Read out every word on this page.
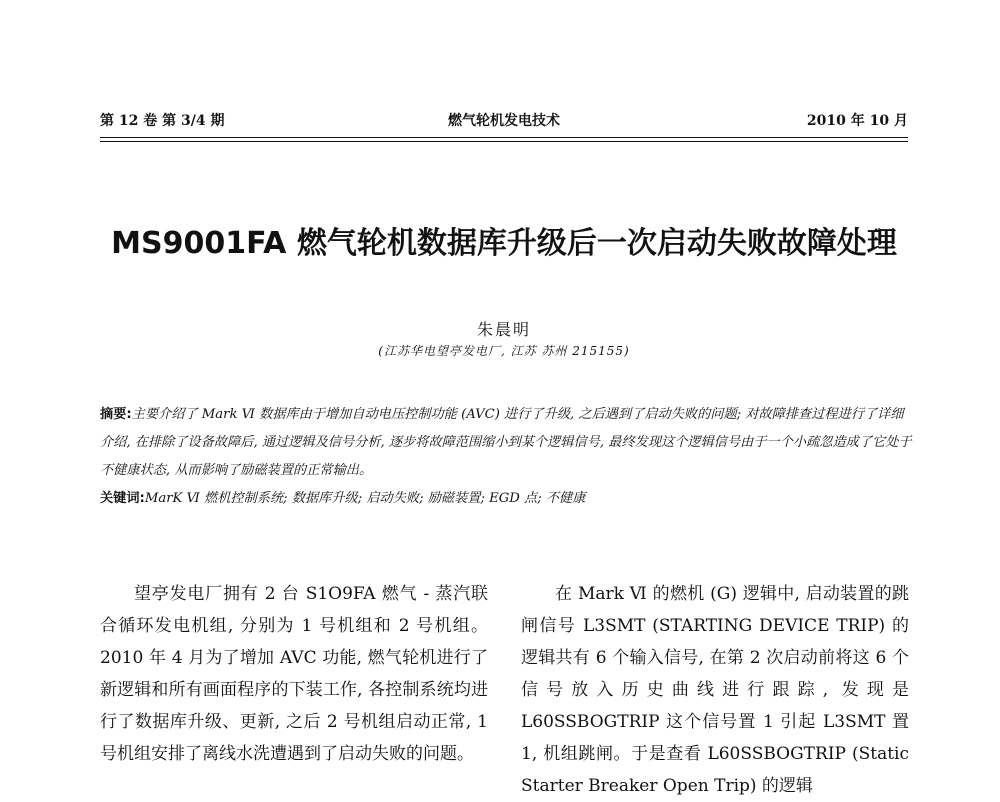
第 12 卷 第 3/4 期	燃气轮机发电技术	2010 年 10 月
MS9001FA 燃气轮机数据库升级后一次启动失败故障处理
朱晨明
(江苏华电望亭发电厂, 江苏 苏州 215155)

摘要:主要介绍了 Mark Ⅵ 数据库由于增加自动电压控制功能 (AVC) 进行了升级, 之后遇到了启动失败的问题; 对故障排查过程进行了详细介绍, 在排除了设备故障后, 通过逻辑及信号分析, 逐步将故障范围缩小到某个逻辑信号, 最终发现这个逻辑信号由于一个小疏忽造成了它处于不健康状态, 从而影响了励磁装置的正常输出。

关键词:MarK Ⅵ 燃机控制系统; 数据库升级; 启动失败; 励磁装置; EGD 点; 不健康

望亭发电厂拥有 2 台 S1O9FA 燃气 - 蒸汽联合循环发电机组, 分别为 1 号机组和 2 号机组。2010 年 4 月为了增加 AVC 功能, 燃气轮机进行了新逻辑和所有画面程序的下装工作, 各控制系统均进行了数据库升级、更新, 之后 2 号机组启动正常, 1 号机组安排了离线水洗遭遇到了启动失败的问题。

在 Mark Ⅵ 的燃机 (G) 逻辑中, 启动装置的跳闸信号 L3SMT (STARTING DEVICE TRIP) 的逻辑共有 6 个输入信号, 在第 2 次启动前将这 6 个信号放入历史曲线进行跟踪, 发现是 L60SSBOGTRIP 这个信号置 1 引起 L3SMT 置 1, 机组跳闸。于是查看 L60SSBOGTRIP (Static Starter Breaker Open Trip) 的逻辑
